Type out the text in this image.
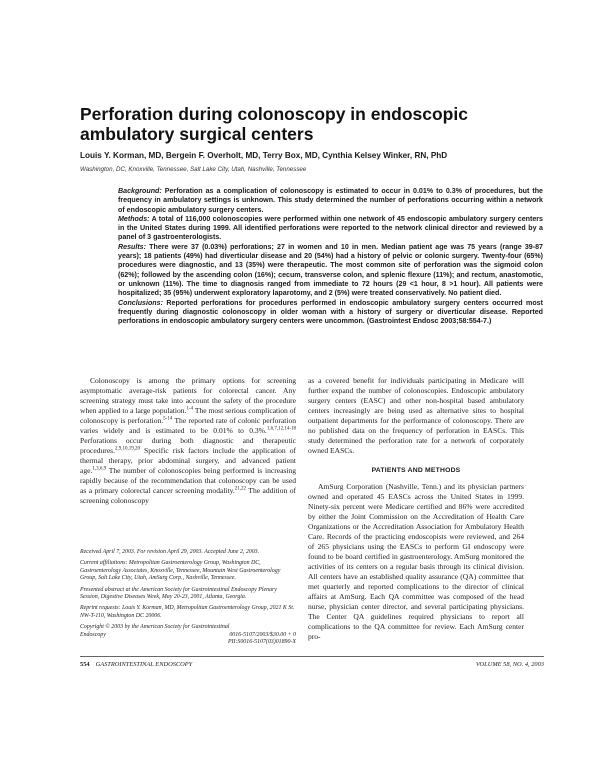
Perforation during colonoscopy in endoscopic ambulatory surgical centers

Louis Y. Korman, MD, Bergein F. Overholt, MD, Terry Box, MD, Cynthia Kelsey Winker, RN, PhD

Washington, DC, Knoxville, Tennessee, Salt Lake City, Utah, Nashville, Tennessee

Background: Perforation as a complication of colonoscopy is estimated to occur in 0.01% to 0.3% of procedures, but the frequency in ambulatory settings is unknown. This study determined the number of perforations occurring within a network of endoscopic ambulatory surgery centers.

Methods: A total of 116,000 colonoscopies were performed within one network of 45 endoscopic ambulatory surgery centers in the United States during 1999. All identified perforations were reported to the network clinical director and reviewed by a panel of 3 gastroenterologists.

Results: There were 37 (0.03%) perforations; 27 in women and 10 in men. Median patient age was 75 years (range 39-87 years); 18 patients (49%) had diverticular disease and 20 (54%) had a history of pelvic or colonic surgery. Twenty-four (65%) procedures were diagnostic, and 13 (35%) were therapeutic. The most common site of perforation was the sigmoid colon (62%); followed by the ascending colon (16%); cecum, transverse colon, and splenic flexure (11%); and rectum, anastomotic, or unknown (11%). The time to diagnosis ranged from immediate to 72 hours (29 <1 hour, 8 >1 hour). All patients were hospitalized; 35 (95%) underwent exploratory laparotomy, and 2 (5%) were treated conservatively. No patient died.

Conclusions: Reported perforations for procedures performed in endoscopic ambulatory surgery centers occurred most frequently during diagnostic colonoscopy in older woman with a history of surgery or diverticular disease. Reported perforations in endoscopic ambulatory surgery centers were uncommon. (Gastrointest Endosc 2003;58:554-7.)

Colonoscopy is among the primary options for screening asymptomatic average-risk patients for colorectal cancer. Any screening strategy must take into account the safety of the procedure when applied to a large population.$^{1-4}$ The most serious complication of colonoscopy is perforation.$^{5-14}$ The reported rate of colonic perforation varies widely and is estimated to be 0.01% to 0.3%.$^{1,6,7,12,14-18}$ Perforations occur during both diagnostic and therapeutic procedures.$^{2,9,10,19,20}$ Specific risk factors include the application of thermal therapy, prior abdominal surgery, and advanced patient age.$^{1,3,6,9}$ The number of colonoscopies being performed is increasing rapidly because of the recommendation that colonoscopy can be used as a primary colorectal cancer screening modality.$^{21,22}$ The addition of screening colonoscopy

Received April 7, 2003. For revision April 29, 2003. Accepted June 2, 2003.

Current affiliations: Metropolitan Gastroenterology Group, Washington DC, Gastroenterology Associates, Knoxville, Tennessee, Mountain West Gastroenterology Group, Salt Lake City, Utah, AmSurg Corp., Nashville, Tennessee.

Presented abstract at the American Society for Gastrointestinal Endoscopy Plenary Session, Digestive Diseases Week, May 20-23, 2001, Atlanta, Georgia.

Reprint requests: Louis Y. Korman, MD, Metropolitan Gastroenterology Group, 2021 K St. NW-T-110, Washington DC 20006.

Copyright © 2003 by the American Society for Gastrointestinal

Endoscopy	0016-5107/2003/$30.00 + 0

PII:S0016-5107(03)01890-X

as a covered benefit for individuals participating in Medicare will further expand the number of colonoscopies. Endoscopic ambulatory surgery centers (EASC) and other non-hospital based ambulatory centers increasingly are being used as alternative sites to hospital outpatient departments for the performance of colonoscopy. There are no published data on the frequency of perforation in EASCs. This study determined the perforation rate for a network of corporately owned EASCs.

PATIENTS AND METHODS

AmSurg Corporation (Nashville, Tenn.) and its physician partners owned and operated 45 EASCs across the United States in 1999. Ninety-six percent were Medicare certified and 86% were accredited by either the Joint Commission on the Accreditation of Health Care Organizations or the Accreditation Association for Ambulatory Health Care. Records of the practicing endoscopists were reviewed, and 264 of 265 physicians using the EASCs to perform GI endoscopy were found to be board certified in gastroenterology. AmSurg monitored the activities of its centers on a regular basis through its clinical division. All centers have an established quality assurance (QA) committee that met quarterly and reported complications to the director of clinical affairs at AmSurg. Each QA committee was composed of the head nurse, physician center director, and several participating physicians. The Center QA guidelines required physicians to report all complications to the QA committee for review. Each AmSurg center pro-

554 GASTROINTESTINAL ENDOSCOPY	VOLUME 58, NO. 4, 2003
